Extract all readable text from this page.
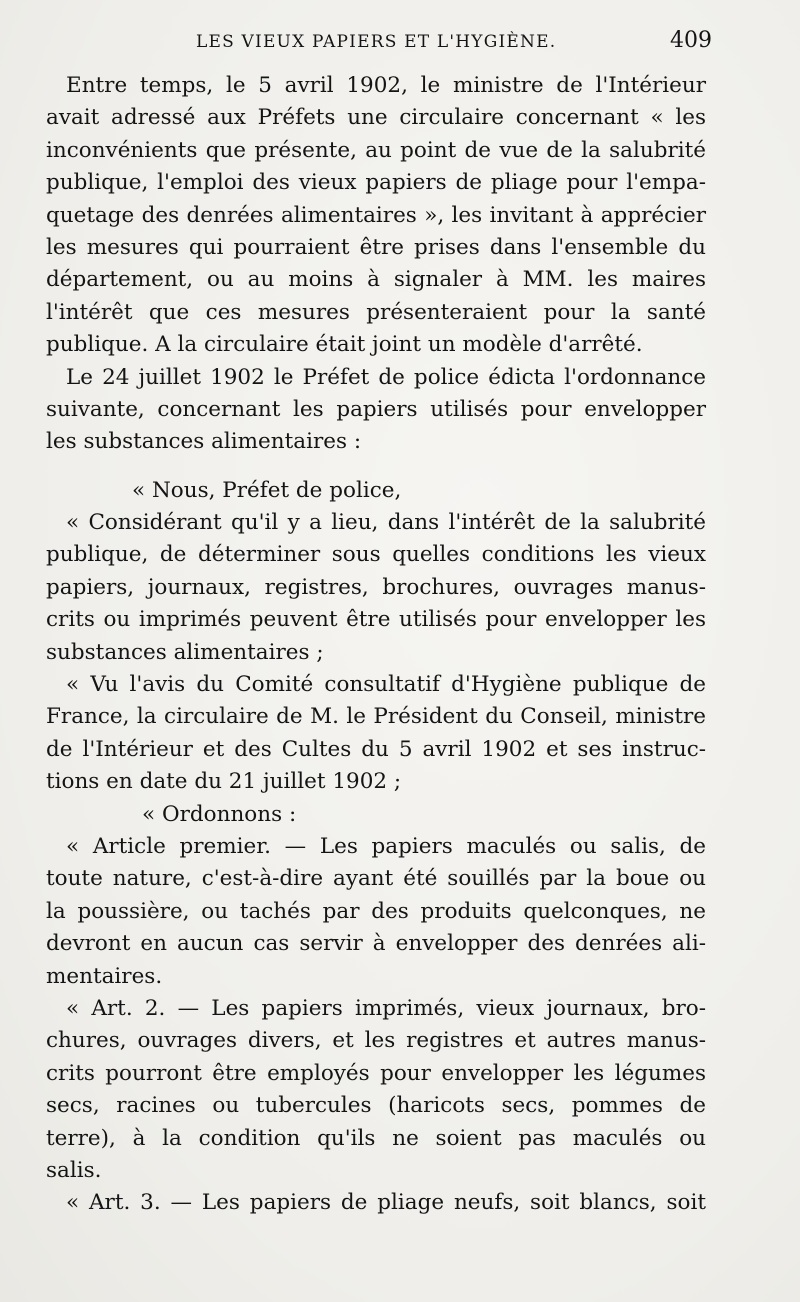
LES VIEUX PAPIERS ET L'HYGIÈNE.	409
Entre temps, le 5 avril 1902, le ministre de l'Intérieur
avait adressé aux Préfets une circulaire concernant « les
inconvénients que présente, au point de vue de la salubrité
publique, l'emploi des vieux papiers de pliage pour l'empa-
quetage des denrées alimentaires », les invitant à apprécier
les mesures qui pourraient être prises dans l'ensemble du
département, ou au moins à signaler à MM. les maires
l'intérêt que ces mesures présenteraient pour la santé
publique. A la circulaire était joint un modèle d'arrêté.
Le 24 juillet 1902 le Préfet de police édicta l'ordonnance
suivante, concernant les papiers utilisés pour envelopper
les substances alimentaires :
« Nous, Préfet de police,
« Considérant qu'il y a lieu, dans l'intérêt de la salubrité
publique, de déterminer sous quelles conditions les vieux
papiers, journaux, registres, brochures, ouvrages manus-
crits ou imprimés peuvent être utilisés pour envelopper les
substances alimentaires ;
« Vu l'avis du Comité consultatif d'Hygiène publique de
France, la circulaire de M. le Président du Conseil, ministre
de l'Intérieur et des Cultes du 5 avril 1902 et ses instruc-
tions en date du 21 juillet 1902 ;
« Ordonnons :
« Article premier. — Les papiers maculés ou salis, de
toute nature, c'est-à-dire ayant été souillés par la boue ou
la poussière, ou tachés par des produits quelconques, ne
devront en aucun cas servir à envelopper des denrées ali-
mentaires.
« Art. 2. — Les papiers imprimés, vieux journaux, bro-
chures, ouvrages divers, et les registres et autres manus-
crits pourront être employés pour envelopper les légumes
secs, racines ou tubercules (haricots secs, pommes de
terre), à la condition qu'ils ne soient pas maculés ou
salis.
« Art. 3. — Les papiers de pliage neufs, soit blancs, soit
